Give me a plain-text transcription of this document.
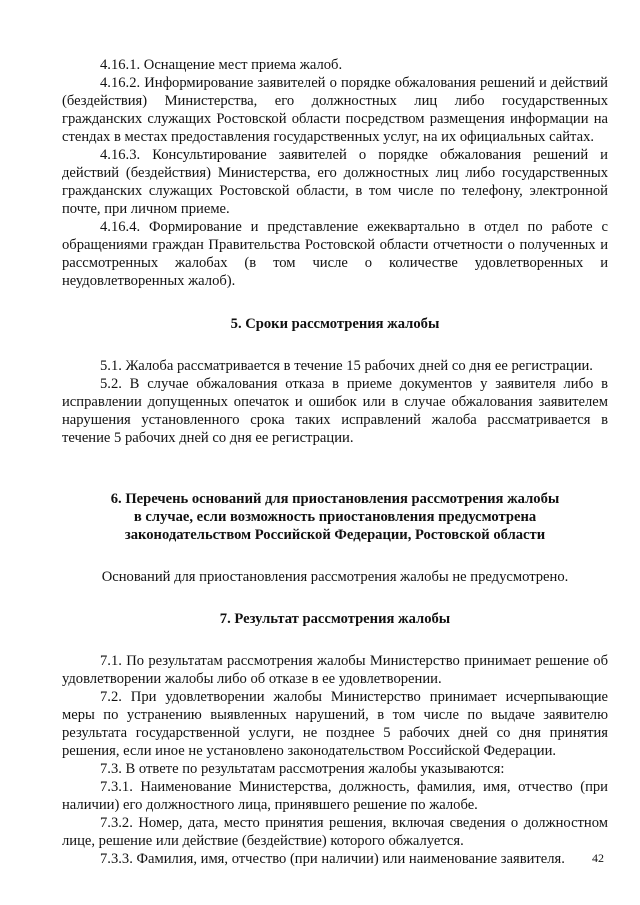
4.16.1. Оснащение мест приема жалоб.

4.16.2. Информирование заявителей о порядке обжалования решений и действий (бездействия) Министерства, его должностных лиц либо государственных гражданских служащих Ростовской области посредством размещения информации на стендах в местах предоставления государственных услуг, на их официальных сайтах.

4.16.3. Консультирование заявителей о порядке обжалования решений и действий (бездействия) Министерства, его должностных лиц либо государственных гражданских служащих Ростовской области, в том числе по телефону, электронной почте, при личном приеме.

4.16.4. Формирование и представление ежеквартально в отдел по работе с обращениями граждан Правительства Ростовской области отчетности о полученных и рассмотренных жалобах (в том числе о количестве удовлетворенных и неудовлетворенных жалоб).

5. Сроки рассмотрения жалобы

5.1. Жалоба рассматривается в течение 15 рабочих дней со дня ее регистрации.

5.2. В случае обжалования отказа в приеме документов у заявителя либо в исправлении допущенных опечаток и ошибок или в случае обжалования заявителем нарушения установленного срока таких исправлений жалоба рассматривается в течение 5 рабочих дней со дня ее регистрации.

6. Перечень оснований для приостановления рассмотрения жалобы
в случае, если возможность приостановления предусмотрена
законодательством Российской Федерации, Ростовской области

Оснований для приостановления рассмотрения жалобы не предусмотрено.

7. Результат рассмотрения жалобы

7.1. По результатам рассмотрения жалобы Министерство принимает решение об удовлетворении жалобы либо об отказе в ее удовлетворении.

7.2. При удовлетворении жалобы Министерство принимает исчерпывающие меры по устранению выявленных нарушений, в том числе по выдаче заявителю результата государственной услуги, не позднее 5 рабочих дней со дня принятия решения, если иное не установлено законодательством Российской Федерации.

7.3. В ответе по результатам рассмотрения жалобы указываются:

7.3.1. Наименование Министерства, должность, фамилия, имя, отчество (при наличии) его должностного лица, принявшего решение по жалобе.

7.3.2. Номер, дата, место принятия решения, включая сведения о должностном лице, решение или действие (бездействие) которого обжалуется.

7.3.3. Фамилия, имя, отчество (при наличии) или наименование заявителя.	42
